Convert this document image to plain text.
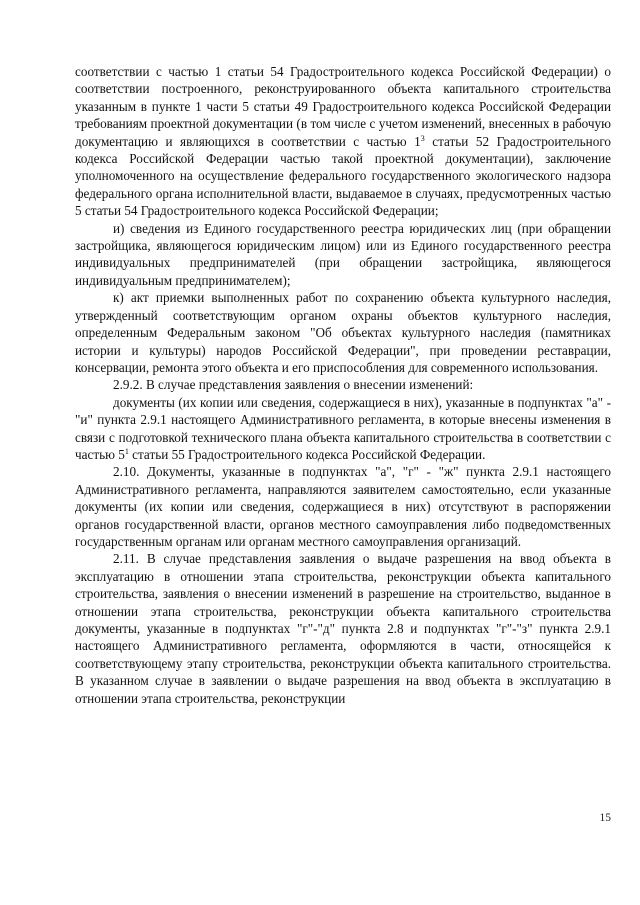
соответствии с частью 1 статьи 54 Градостроительного кодекса Российской Федерации) о соответствии построенного, реконструированного объекта капитального строительства указанным в пункте 1 части 5 статьи 49 Градостроительного кодекса Российской Федерации требованиям проектной документации (в том числе с учетом изменений, внесенных в рабочую документацию и являющихся в соответствии с частью $1^3$ статьи 52 Градостроительного кодекса Российской Федерации частью такой проектной документации), заключение уполномоченного на осуществление федерального государственного экологического надзора федерального органа исполнительной власти, выдаваемое в случаях, предусмотренных частью 5 статьи 54 Градостроительного кодекса Российской Федерации;

и) сведения из Единого государственного реестра юридических лиц (при обращении застройщика, являющегося юридическим лицом) или из Единого государственного реестра индивидуальных предпринимателей (при обращении застройщика, являющегося индивидуальным предпринимателем);

к) акт приемки выполненных работ по сохранению объекта культурного наследия, утвержденный соответствующим органом охраны объектов культурного наследия, определенным Федеральным законом "Об объектах культурного наследия (памятниках истории и культуры) народов Российской Федерации", при проведении реставрации, консервации, ремонта этого объекта и его приспособления для современного использования.

2.9.2. В случае представления заявления о внесении изменений:

документы (их копии или сведения, содержащиеся в них), указанные в подпунктах "а" - "и" пункта 2.9.1 настоящего Административного регламента, в которые внесены изменения в связи с подготовкой технического плана объекта капитального строительства в соответствии с частью $5^1$ статьи 55 Градостроительного кодекса Российской Федерации.

2.10. Документы, указанные в подпунктах "а", "г" - "ж" пункта 2.9.1 настоящего Административного регламента, направляются заявителем самостоятельно, если указанные документы (их копии или сведения, содержащиеся в них) отсутствуют в распоряжении органов государственной власти, органов местного самоуправления либо подведомственных государственным органам или органам местного самоуправления организаций.

2.11. В случае представления заявления о выдаче разрешения на ввод объекта в эксплуатацию в отношении этапа строительства, реконструкции объекта капитального строительства, заявления о внесении изменений в разрешение на строительство, выданное в отношении этапа строительства, реконструкции объекта капитального строительства документы, указанные в подпунктах "г"-"д" пункта 2.8 и подпунктах "г"-"з" пункта 2.9.1 настоящего Административного регламента, оформляются в части, относящейся к соответствующему этапу строительства, реконструкции объекта капитального строительства. В указанном случае в заявлении о выдаче разрешения на ввод объекта в эксплуатацию в отношении этапа строительства, реконструкции

15
